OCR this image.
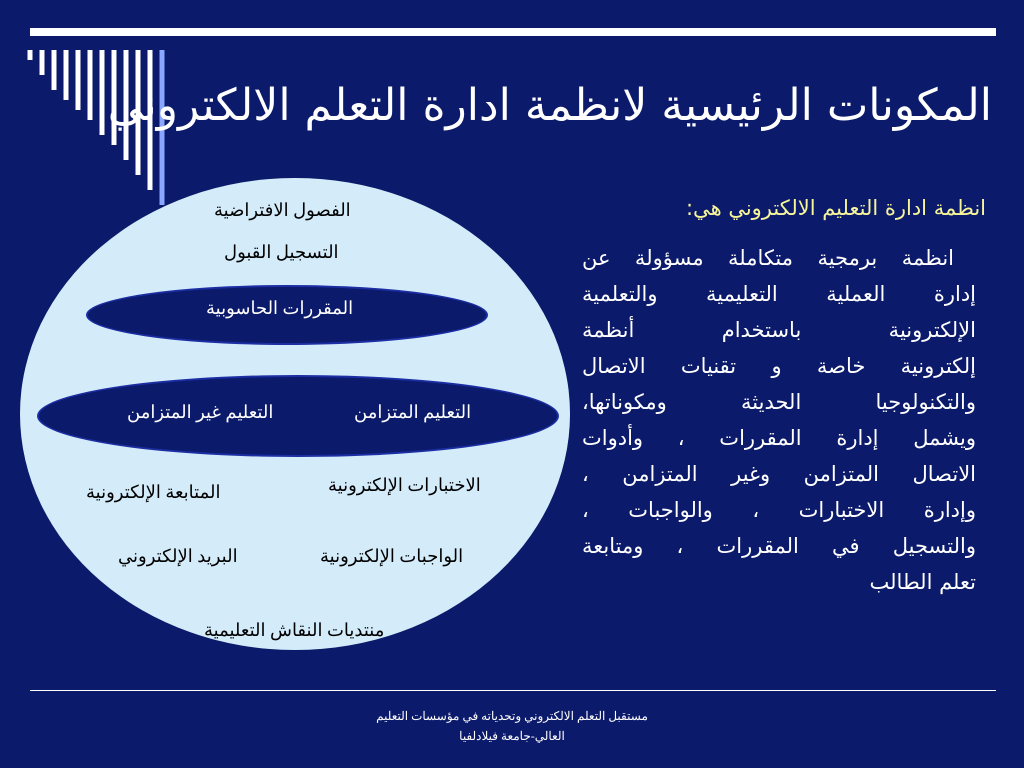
المكونات الرئيسية لانظمة ادارة التعلم الالكتروني
الفصول الافتراضية
التسجيل القبول
المقررات الحاسوبية
التعليم غير المتزامن	التعليم المتزامن
الاختبارات الإلكترونية
المتابعة الإلكترونية
البريد الإلكتروني	الواجبات الإلكترونية
منتديات النقاش التعليمية
انظمة ادارة التعليم الالكتروني هي:
انظمة برمجية متكاملة مسؤولة عن
إدارة العملية التعليمية والتعلمية
الإلكترونية باستخدام أنظمة
إلكترونية خاصة و تقنيات الاتصال
والتكنولوجيا الحديثة ومكوناتها،
ويشمل إدارة المقررات ، وأدوات
الاتصال المتزامن وغير المتزامن ،
وإدارة الاختبارات ، والواجبات ،
والتسجيل في المقررات ، ومتابعة
تعلم الطالب
مستقبل التعلم الالكتروني وتحدياته في مؤسسات التعليم
العالي-جامعة فيلادلفيا
